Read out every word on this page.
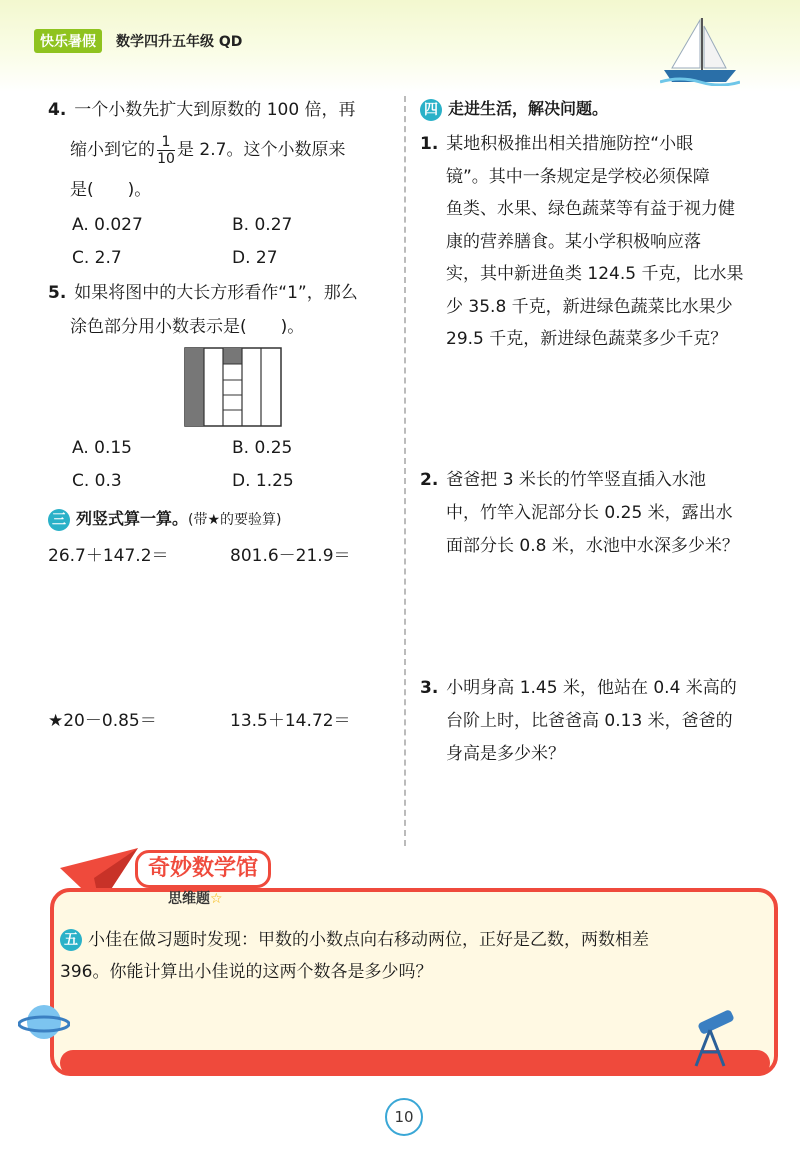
快乐暑假	数学四升五年级 QD
4. 一个小数先扩大到原数的 100 倍，再
缩小到它的 $\frac{1}{10}$ 是 2.7。这个小数原来
是(　　)。
A. 0.027	B. 0.27
C. 2.7	D. 27
5. 如果将图中的大长方形看作“1”，那么
涂色部分用小数表示是(　　)。
A. 0.15	B. 0.25
C. 0.3	D. 1.25
三 列竖式算一算。(带★的要验算)
26.7＋147.2＝	801.6－21.9＝
★20－0.85＝	13.5＋14.72＝
四 走进生活，解决问题。
1. 某地积极推出相关措施防控“小眼
镜”。其中一条规定是学校必须保障
鱼类、水果、绿色蔬菜等有益于视力健
康的营养膳食。某小学积极响应落
实，其中新进鱼类 124.5 千克，比水果
少 35.8 千克，新进绿色蔬菜比水果少
29.5 千克，新进绿色蔬菜多少千克？
2. 爸爸把 3 米长的竹竿竖直插入水池
中，竹竿入泥部分长 0.25 米，露出水
面部分长 0.8 米，水池中水深多少米？
3. 小明身高 1.45 米，他站在 0.4 米高的
台阶上时，比爸爸高 0.13 米，爸爸的
身高是多少米？
奇妙数学馆
思维题☆
五 小佳在做习题时发现：甲数的小数点向右移动两位，正好是乙数，两数相差
396。你能计算出小佳说的这两个数各是多少吗？
10
